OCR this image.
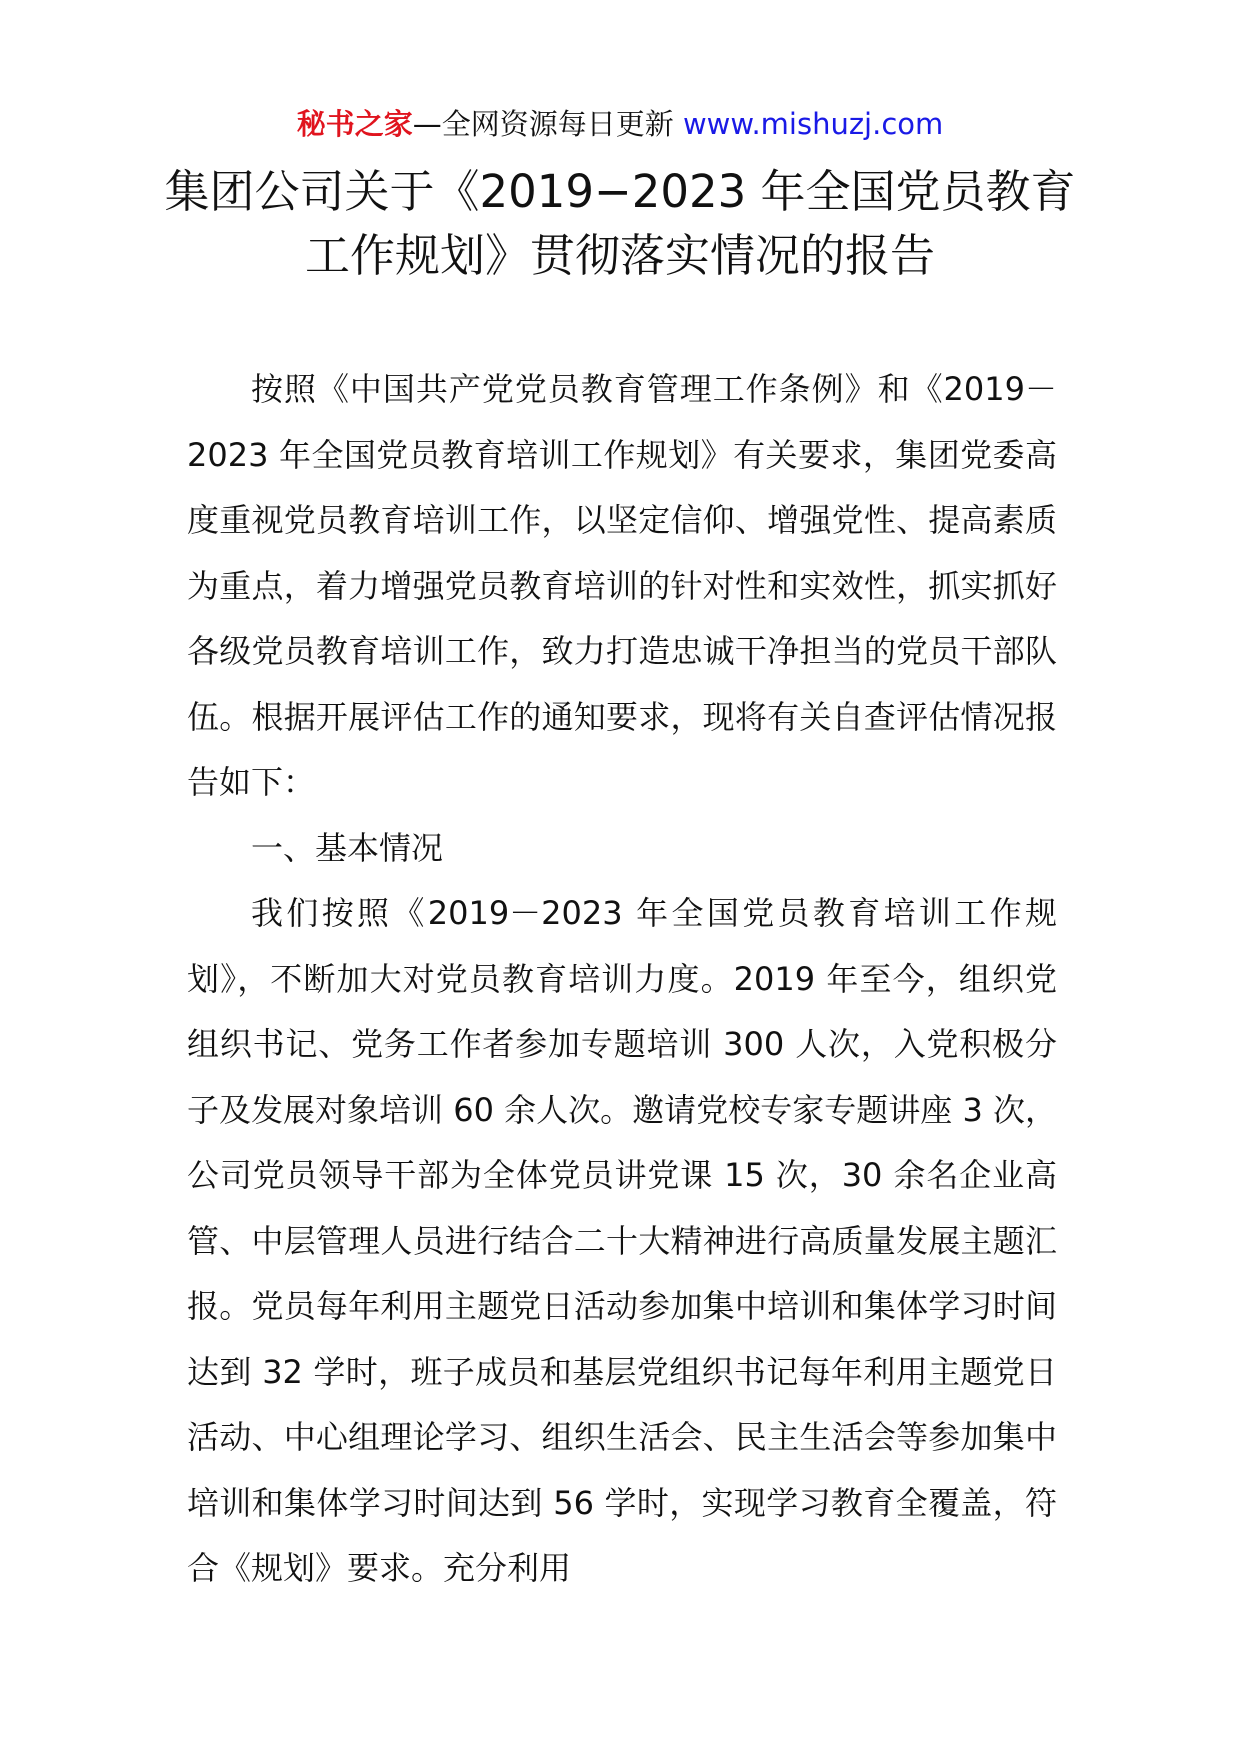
秘书之家—全网资源每日更新 www.mishuzj.com
集团公司关于《2019−2023 年全国党员教育
工作规划》贯彻落实情况的报告

按照《中国共产党党员教育管理工作条例》和《2019－2023 年全国党员教育培训工作规划》有关要求，集团党委高度重视党员教育培训工作，以坚定信仰、增强党性、提高素质为重点，着力增强党员教育培训的针对性和实效性，抓实抓好各级党员教育培训工作，致力打造忠诚干净担当的党员干部队伍。根据开展评估工作的通知要求，现将有关自查评估情况报告如下：

一、基本情况

我们按照《2019－2023 年全国党员教育培训工作规划》，不断加大对党员教育培训力度。2019 年至今，组织党组织书记、党务工作者参加专题培训 300 人次，入党积极分子及发展对象培训 60 余人次。邀请党校专家专题讲座 3 次，公司党员领导干部为全体党员讲党课 15 次，30 余名企业高管、中层管理人员进行结合二十大精神进行高质量发展主题汇报。党员每年利用主题党日活动参加集中培训和集体学习时间达到 32 学时，班子成员和基层党组织书记每年利用主题党日活动、中心组理论学习、组织生活会、民主生活会等参加集中培训和集体学习时间达到 56 学时，实现学习教育全覆盖，符合《规划》要求。充分利用
